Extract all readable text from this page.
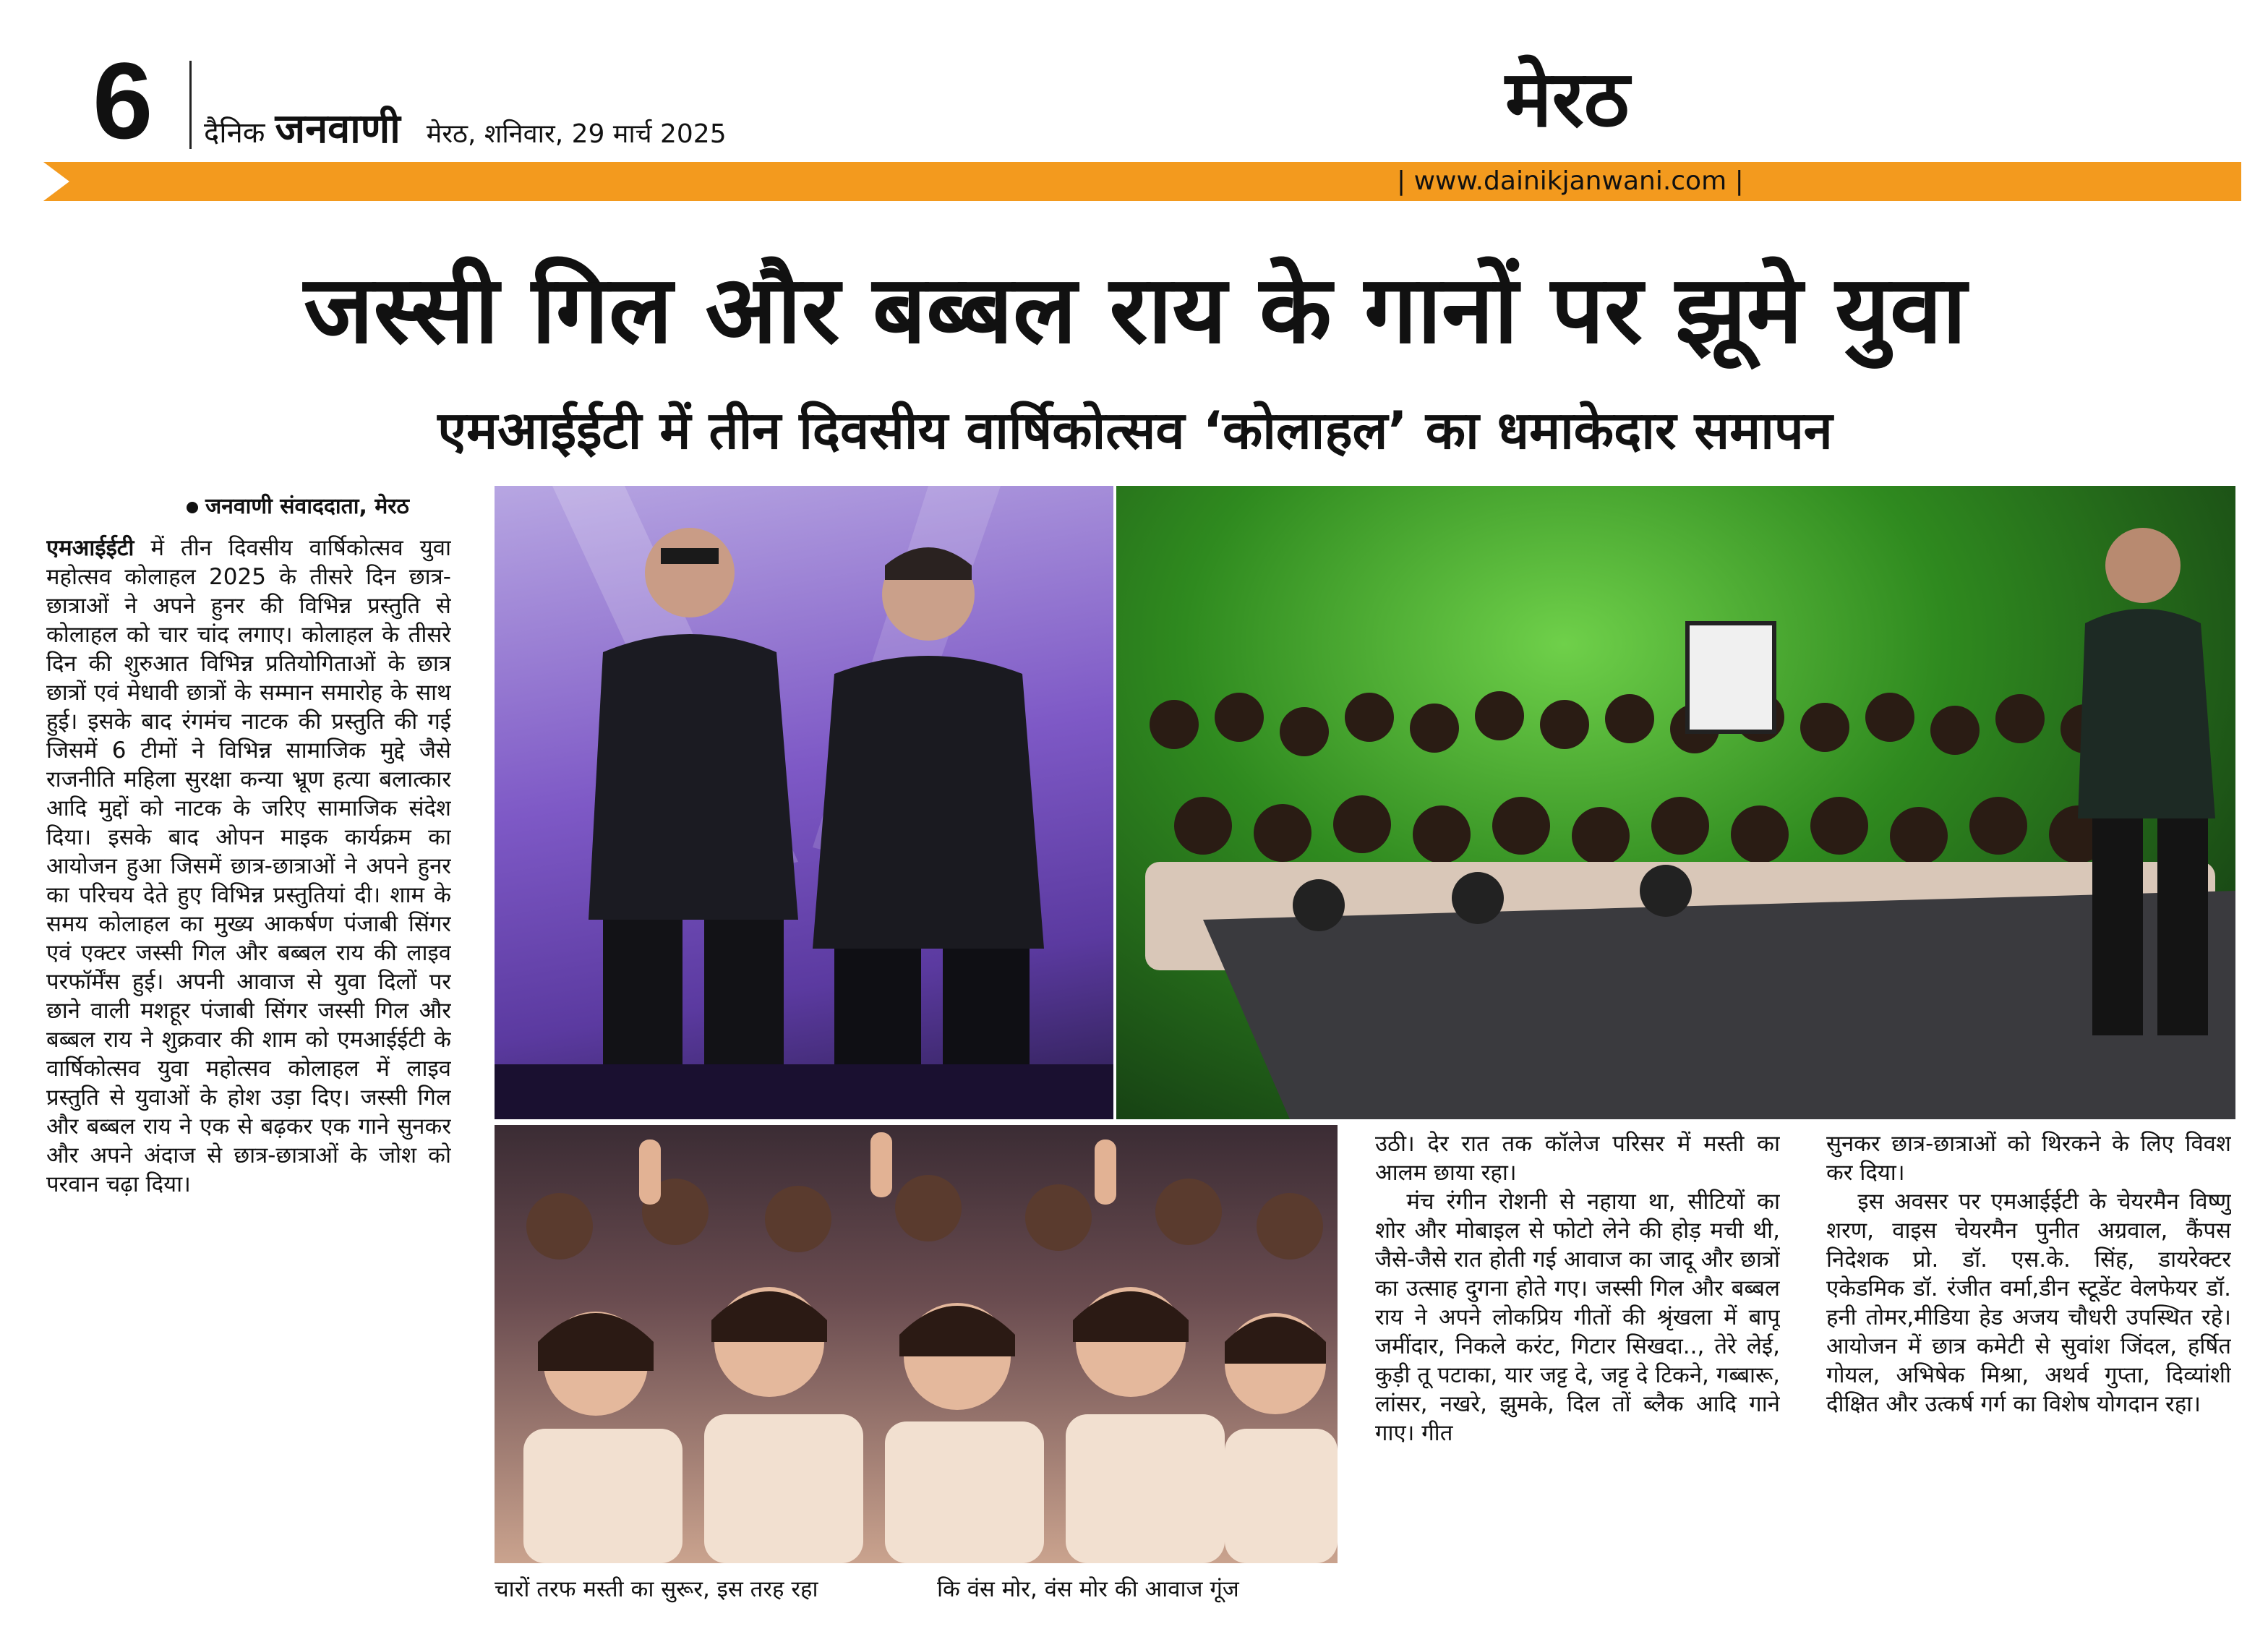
6 दैनिक जनवाणी मेरठ, शनिवार, 29 मार्च 2025	मेरठ
| www.dainikjanwani.com |
जस्सी गिल और बब्बल राय के गानों पर झूमे युवा
एमआईईटी में तीन दिवसीय वार्षिकोत्सव ‘कोलाहल’ का धमाकेदार समापन
जनवाणी संवाददाता, मेरठ

एमआईईटी में तीन दिवसीय वार्षिकोत्सव युवा महोत्सव कोलाहल 2025 के तीसरे दिन छात्र-छात्राओं ने अपने हुनर की विभिन्न प्रस्तुति से कोलाहल को चार चांद लगाए। कोलाहल के तीसरे दिन की शुरुआत विभिन्न प्रतियोगिताओं के छात्र छात्रों एवं मेधावी छात्रों के सम्मान समारोह के साथ हुई। इसके बाद रंगमंच नाटक की प्रस्तुति की गई जिसमें 6 टीमों ने विभिन्न सामाजिक मुद्दे जैसे राजनीति महिला सुरक्षा कन्या भ्रूण हत्या बलात्कार आदि मुद्दों को नाटक के जरिए सामाजिक संदेश दिया। इसके बाद ओपन माइक कार्यक्रम का आयोजन हुआ जिसमें छात्र-छात्राओं ने अपने हुनर का परिचय देते हुए विभिन्न प्रस्तुतियां दी। शाम के समय कोलाहल का मुख्य आकर्षण पंजाबी सिंगर एवं एक्टर जस्सी गिल और बब्बल राय की लाइव परफॉर्मेंस हुई। अपनी आवाज से युवा दिलों पर छाने वाली मशहूर पंजाबी सिंगर जस्सी गिल और बब्बल राय ने शुक्रवार की शाम को एमआईईटी के वार्षिकोत्सव युवा महोत्सव कोलाहल में लाइव प्रस्तुति से युवाओं के होश उड़ा दिए। जस्सी गिल और बब्बल राय ने एक से बढ़कर एक गाने सुनकर और अपने अंदाज से छात्र-छात्राओं के जोश को परवान चढ़ा दिया।

चारों तरफ मस्ती का सुरूर, इस तरह रहा	कि वंस मोर, वंस मोर की आवाज गूंज

उठी। देर रात तक कॉलेज परिसर में मस्ती का आलम छाया रहा।

मंच रंगीन रोशनी से नहाया था, सीटियों का शोर और मोबाइल से फोटो लेने की होड़ मची थी, जैसे-जैसे रात होती गई आवाज का जादू और छात्रों का उत्साह दुगना होते गए। जस्सी गिल और बब्बल राय ने अपने लोकप्रिय गीतों की श्रृंखला में बापू जमींदार, निकले करंट, गिटार सिखदा.., तेरे लेई, कुड़ी तू पटाका, यार जट्ट दे, जट्ट दे टिकने, गब्बारू, लांसर, नखरे, झुमके, दिल तों ब्लैक आदि गाने गाए। गीत

सुनकर छात्र-छात्राओं को थिरकने के लिए विवश कर दिया।

इस अवसर पर एमआईईटी के चेयरमैन विष्णु शरण, वाइस चेयरमैन पुनीत अग्रवाल, कैंपस निदेशक प्रो. डॉ. एस.के. सिंह, डायरेक्टर एकेडमिक डॉ. रंजीत वर्मा,डीन स्टूडेंट वेलफेयर डॉ. हनी तोमर,मीडिया हेड अजय चौधरी उपस्थित रहे। आयोजन में छात्र कमेटी से सुवांश जिंदल, हर्षित गोयल, अभिषेक मिश्रा, अथर्व गुप्ता, दिव्यांशी दीक्षित और उत्कर्ष गर्ग का विशेष योगदान रहा।
